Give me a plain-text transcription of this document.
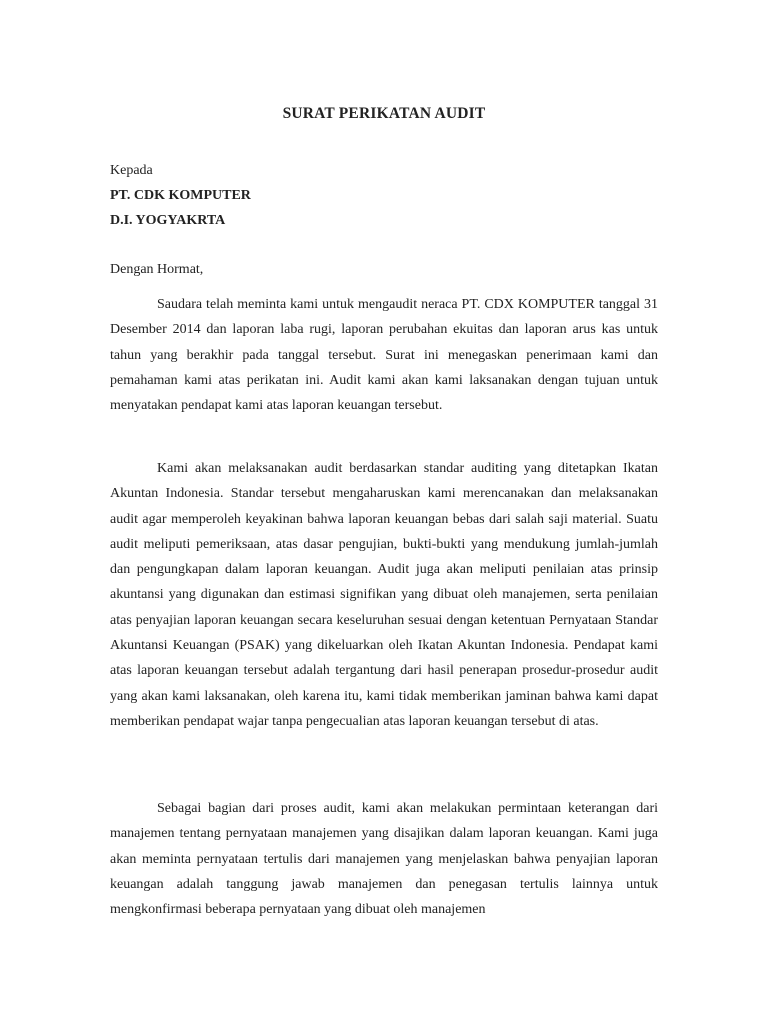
SURAT PERIKATAN AUDIT
Kepada
PT. CDK KOMPUTER
D.I. YOGYAKRTA
Dengan Hormat,

Saudara telah meminta kami untuk mengaudit neraca PT. CDX KOMPUTER tanggal 31 Desember 2014 dan laporan laba rugi, laporan perubahan ekuitas dan laporan arus kas untuk tahun yang berakhir pada tanggal tersebut. Surat ini menegaskan penerimaan kami dan pemahaman kami atas perikatan ini. Audit kami akan kami laksanakan dengan tujuan untuk menyatakan pendapat kami atas laporan keuangan tersebut.

Kami akan melaksanakan audit berdasarkan standar auditing yang ditetapkan Ikatan Akuntan Indonesia. Standar tersebut mengaharuskan kami merencanakan dan melaksanakan audit agar memperoleh keyakinan bahwa laporan keuangan bebas dari salah saji material. Suatu audit meliputi pemeriksaan, atas dasar pengujian, bukti-bukti yang mendukung jumlah-jumlah dan pengungkapan dalam laporan keuangan. Audit juga akan meliputi penilaian atas prinsip akuntansi yang digunakan dan estimasi signifikan yang dibuat oleh manajemen, serta penilaian atas penyajian laporan keuangan secara keseluruhan sesuai dengan ketentuan Pernyataan Standar Akuntansi Keuangan (PSAK) yang dikeluarkan oleh Ikatan Akuntan Indonesia. Pendapat kami atas laporan keuangan tersebut adalah tergantung dari hasil penerapan prosedur-prosedur audit yang akan kami laksanakan, oleh karena itu, kami tidak memberikan jaminan bahwa kami dapat memberikan pendapat wajar tanpa pengecualian atas laporan keuangan tersebut di atas.

Sebagai bagian dari proses audit, kami akan melakukan permintaan keterangan dari manajemen tentang pernyataan manajemen yang disajikan dalam laporan keuangan. Kami juga akan meminta pernyataan tertulis dari manajemen yang menjelaskan bahwa penyajian laporan keuangan adalah tanggung jawab manajemen dan penegasan tertulis lainnya untuk mengkonfirmasi beberapa pernyataan yang dibuat oleh manajemen
